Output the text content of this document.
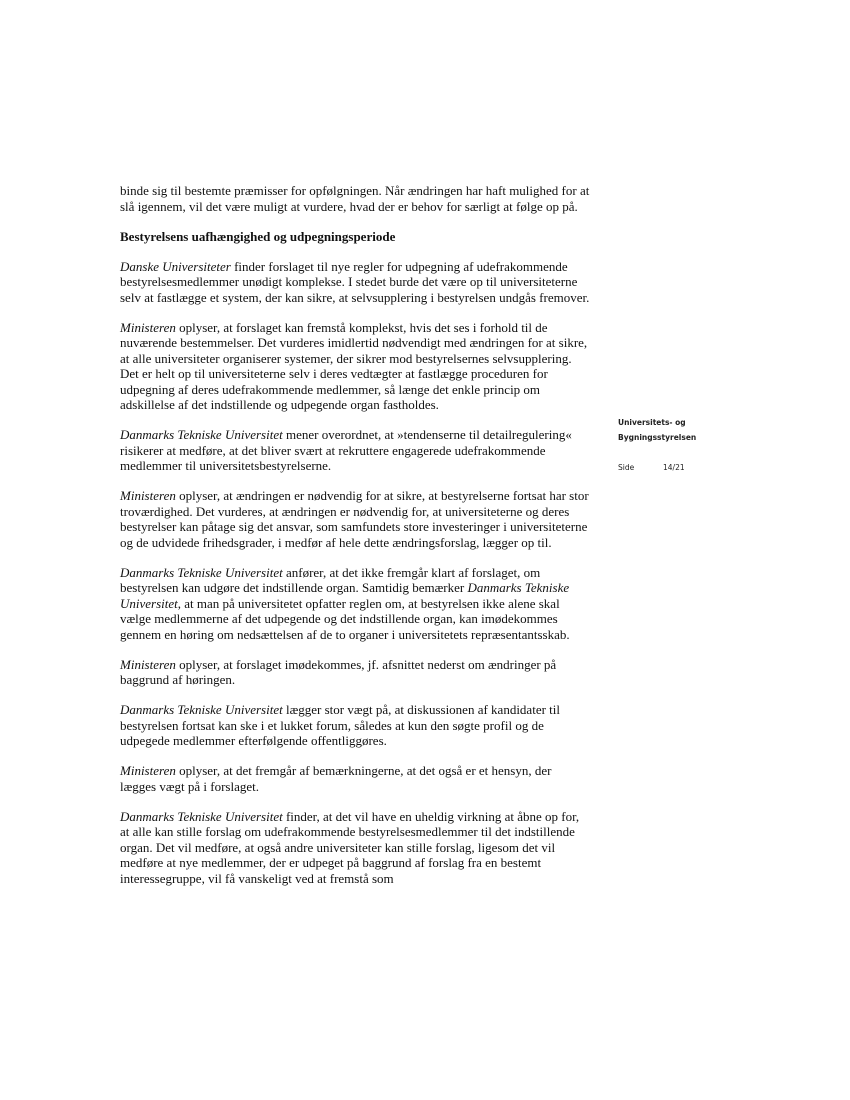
binde sig til bestemte præmisser for opfølgningen. Når ændringen har haft mulighed for at slå igennem, vil det være muligt at vurdere, hvad der er behov for særligt at følge op på.

Bestyrelsens uafhængighed og udpegningsperiode

Danske Universiteter finder forslaget til nye regler for udpegning af udefrakommende bestyrelsesmedlemmer unødigt komplekse. I stedet burde det være op til universiteterne selv at fastlægge et system, der kan sikre, at selvsupplering i bestyrelsen undgås fremover.

Ministeren oplyser, at forslaget kan fremstå komplekst, hvis det ses i forhold til de nuværende bestemmelser. Det vurderes imidlertid nødvendigt med ændringen for at sikre, at alle universiteter organiserer systemer, der sikrer mod bestyrelsernes selvsupplering. Det er helt op til universiteterne selv i deres vedtægter at fastlægge proceduren for udpegning af deres udefrakommende medlemmer, så længe det enkle princip om adskillelse af det indstillende og udpegende organ fastholdes.

Danmarks Tekniske Universitet mener overordnet, at »tendenserne til detailregulering« risikerer at medføre, at det bliver svært at rekruttere engagerede udefrakommende medlemmer til universitetsbestyrelserne.

Ministeren oplyser, at ændringen er nødvendig for at sikre, at bestyrelserne fortsat har stor troværdighed. Det vurderes, at ændringen er nødvendig for, at universiteterne og deres bestyrelser kan påtage sig det ansvar, som samfundets store investeringer i universiteterne og de udvidede frihedsgrader, i medfør af hele dette ændringsforslag, lægger op til.

Danmarks Tekniske Universitet anfører, at det ikke fremgår klart af forslaget, om bestyrelsen kan udgøre det indstillende organ. Samtidig bemærker Danmarks Tekniske Universitet, at man på universitetet opfatter reglen om, at bestyrelsen ikke alene skal vælge medlemmerne af det udpegende og det indstillende organ, kan imødekommes gennem en høring om nedsættelsen af de to organer i universitetets repræsentantsskab.

Ministeren oplyser, at forslaget imødekommes, jf. afsnittet nederst om ændringer på baggrund af høringen.

Danmarks Tekniske Universitet lægger stor vægt på, at diskussionen af kandidater til bestyrelsen fortsat kan ske i et lukket forum, således at kun den søgte profil og de udpegede medlemmer efterfølgende offentliggøres.

Ministeren oplyser, at det fremgår af bemærkningerne, at det også er et hensyn, der lægges vægt på i forslaget.

Danmarks Tekniske Universitet finder, at det vil have en uheldig virkning at åbne op for, at alle kan stille forslag om udefrakommende bestyrelsesmedlemmer til det indstillende organ. Det vil medføre, at også andre universiteter kan stille forslag, ligesom det vil medføre at nye medlemmer, der er udpeget på baggrund af forslag fra en bestemt interessegruppe, vil få vanskeligt ved at fremstå som

Universitets- og
Bygningsstyrelsen
Side	14/21
